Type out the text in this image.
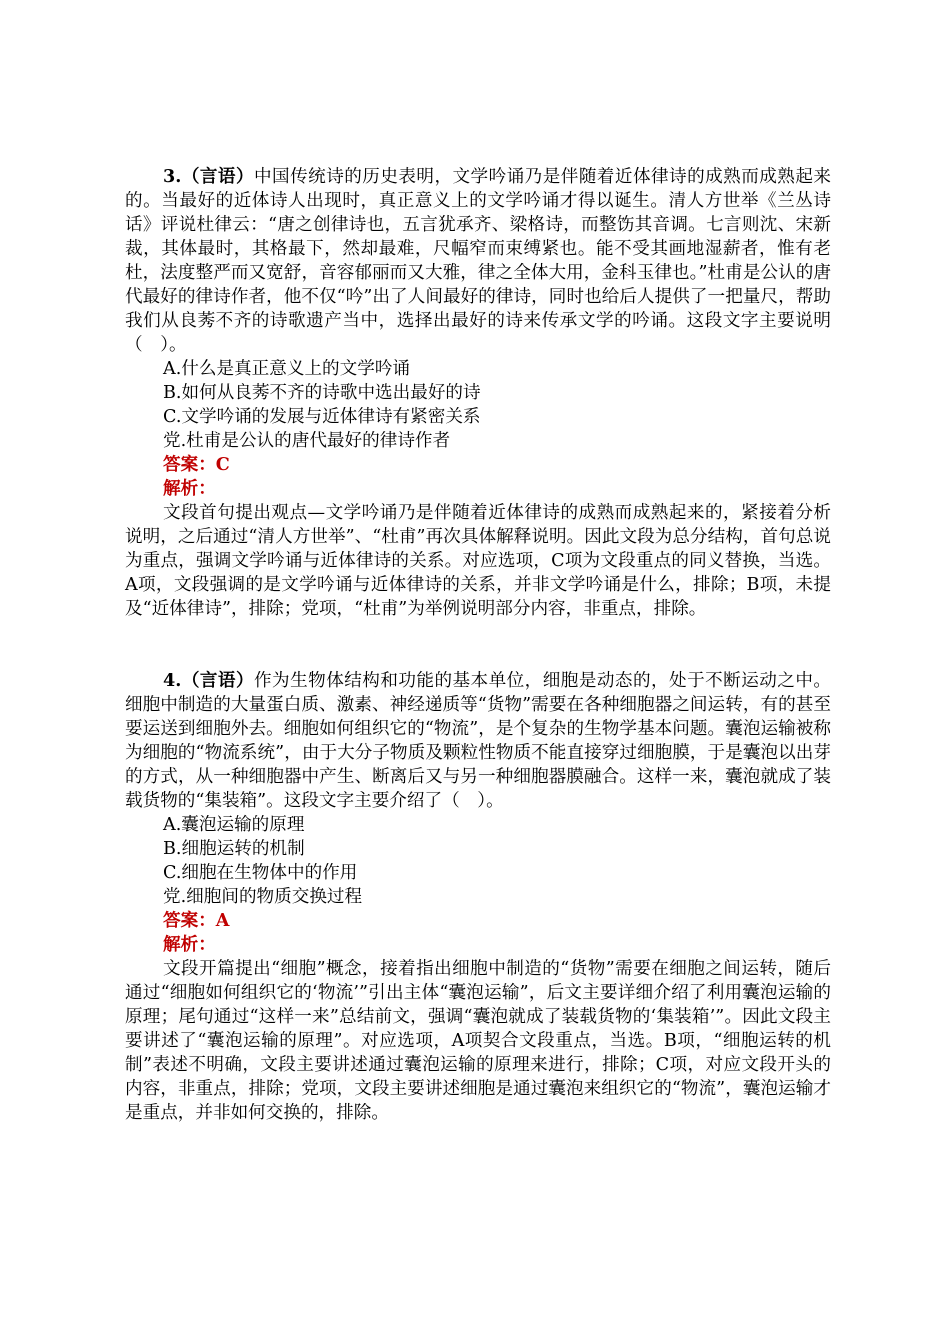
3.（言语）中国传统诗的历史表明，文学吟诵乃是伴随着近体律诗的成熟而成熟起来的。当最好的近体诗人出现时，真正意义上的文学吟诵才得以诞生。清人方世举《兰丛诗话》评说杜律云：“唐之创律诗也，五言犹承齐、梁格诗，而整饬其音调。七言则沈、宋新裁，其体最时，其格最下，然却最难，尺幅窄而束缚紧也。能不受其画地湿薪者，惟有老杜，法度整严而又宽舒，音容郁丽而又大雅，律之全体大用，金科玉律也。”杜甫是公认的唐代最好的律诗作者，他不仅“吟”出了人间最好的律诗，同时也给后人提供了一把量尺，帮助我们从良莠不齐的诗歌遗产当中，选择出最好的诗来传承文学的吟诵。这段文字主要说明（　）。

A.什么是真正意义上的文学吟诵

B.如何从良莠不齐的诗歌中选出最好的诗

C.文学吟诵的发展与近体律诗有紧密关系

党.杜甫是公认的唐代最好的律诗作者

答案：C

解析：

文段首句提出观点—文学吟诵乃是伴随着近体律诗的成熟而成熟起来的，紧接着分析说明，之后通过“清人方世举”、“杜甫”再次具体解释说明。因此文段为总分结构，首句总说为重点，强调文学吟诵与近体律诗的关系。对应选项，C项为文段重点的同义替换，当选。A项，文段强调的是文学吟诵与近体律诗的关系，并非文学吟诵是什么，排除；B项，未提及“近体律诗”，排除；党项，“杜甫”为举例说明部分内容，非重点，排除。

4.（言语）作为生物体结构和功能的基本单位，细胞是动态的，处于不断运动之中。细胞中制造的大量蛋白质、激素、神经递质等“货物”需要在各种细胞器之间运转，有的甚至要运送到细胞外去。细胞如何组织它的“物流”，是个复杂的生物学基本问题。囊泡运输被称为细胞的“物流系统”，由于大分子物质及颗粒性物质不能直接穿过细胞膜，于是囊泡以出芽的方式，从一种细胞器中产生、断离后又与另一种细胞器膜融合。这样一来，囊泡就成了装载货物的“集装箱”。这段文字主要介绍了（　）。

A.囊泡运输的原理

B.细胞运转的机制

C.细胞在生物体中的作用

党.细胞间的物质交换过程

答案：A

解析：

文段开篇提出“细胞”概念，接着指出细胞中制造的“货物”需要在细胞之间运转，随后通过“细胞如何组织它的‘物流’”引出主体“囊泡运输”，后文主要详细介绍了利用囊泡运输的原理；尾句通过“这样一来”总结前文，强调“囊泡就成了装载货物的‘集装箱’”。因此文段主要讲述了“囊泡运输的原理”。对应选项，A项契合文段重点，当选。B项，“细胞运转的机制”表述不明确，文段主要讲述通过囊泡运输的原理来进行，排除；C项，对应文段开头的内容，非重点，排除；党项，文段主要讲述细胞是通过囊泡来组织它的“物流”，囊泡运输才是重点，并非如何交换的，排除。
